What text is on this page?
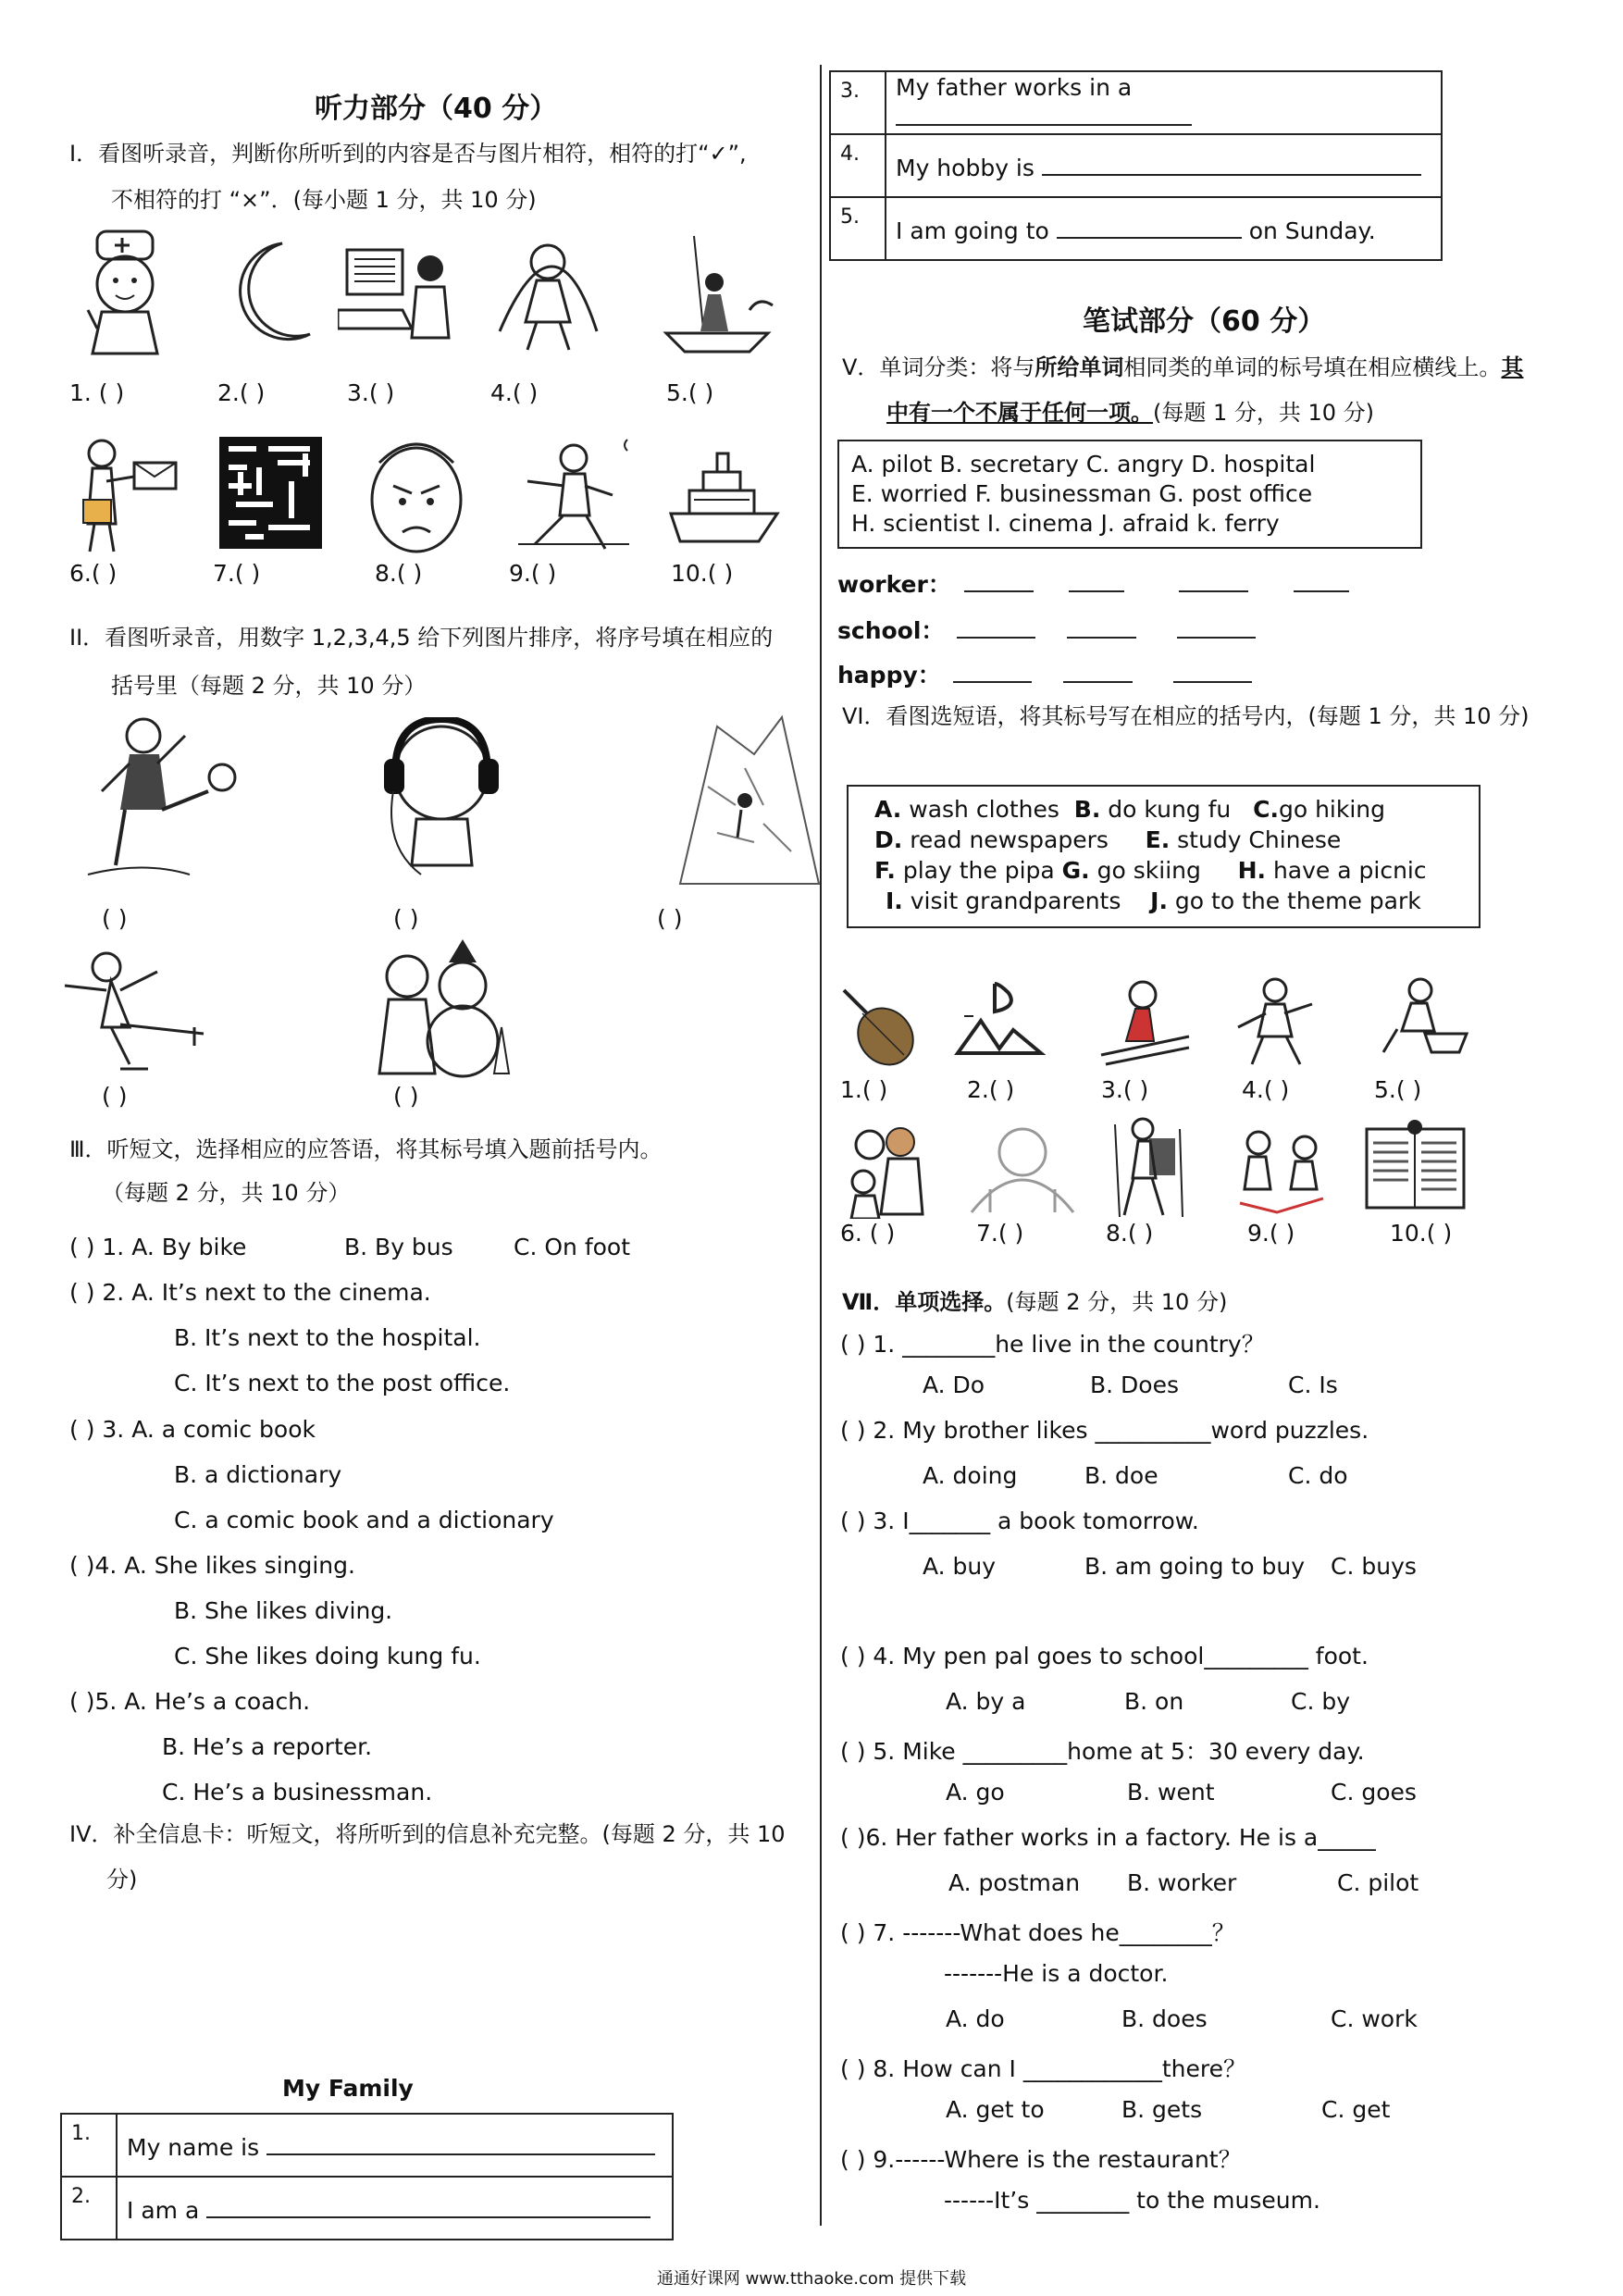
听力部分（40 分）
I．看图听录音，判断你所听到的内容是否与图片相符，相符的打“✓”,
不相符的打 “×”．(每小题 1 分，共 10 分)
1. ( )	2.( )	3.( )	4.( )	5.( )
6.( )	7.( )	8.( )	9.( )	10.( )
II．看图听录音，用数字 1,2,3,4,5 给下列图片排序，将序号填在相应的
括号里（每题 2 分，共 10 分）
( )	( )	( )
( )	( )
Ⅲ．听短文，选择相应的应答语，将其标号填入题前括号内。
（每题 2 分，共 10 分）
( ) 1. A. By bike	B. By bus	C. On foot
( ) 2. A. It’s next to the cinema.
B. It’s next to the hospital.
C. It’s next to the post office.
( ) 3. A. a comic book
B. a dictionary
C. a comic book and a dictionary
( )4. A. She likes singing.
B. She likes diving.
C. She likes doing kung fu.
( )5. A. He’s a coach.
B. He’s a reporter.
C. He’s a businessman.
IV．补全信息卡：听短文，将所听到的信息补充完整。(每题 2 分，共 10
分)
My Family
1.	My name is
2.	I am a
3.	My father works in a
4.	My hobby is
5.	I am going to on Sunday.
笔试部分（60 分）
V．单词分类：将与所给单词相同类的单词的标号填在相应横线上。其
中有一个不属于任何一项。(每题 1 分，共 10 分)
A. pilot B. secretary C. angry D. hospital
E. worried F. businessman G. post office
H. scientist I. cinema J. afraid k. ferry
worker：
school：
happy：
VI．看图选短语，将其标号写在相应的括号内，(每题 1 分，共 10 分)
A. wash clothes  B. do kung fu   C.go hiking
D. read newspapers     E. study Chinese
F. play the pipa G. go skiing     H. have a picnic
I. visit grandparents    J. go to the theme park
1.( )	2.( )	3.( )	4.( )	5.( )
6. ( )	7.( )	8.( )	9.( )	10.( )
Ⅶ．单项选择。(每题 2 分，共 10 分)
( ) 1. ________he live in the country？
A. Do	B. Does	C. Is
( ) 2. My brother likes __________word puzzles.
A. doing	B. doe	C. do
( ) 3. I_______ a book tomorrow.
A. buy	B. am going to buy C. buys
( ) 4. My pen pal goes to school_________ foot.
A. by a	B. on	C. by
( ) 5. Mike _________home at 5：30 every day.
A. go	B. went	C. goes
( )6. Her father works in a factory. He is a_____
A. postman B. worker	C. pilot
( ) 7. -------What does he________？
-------He is a doctor.
A. do	B. does	C. work
( ) 8. How can I ____________there？
A. get to	B. gets	C. get
( ) 9.------Where is the restaurant？
------It’s ________ to the museum.
通通好课网 www.tthaoke.com 提供下载
